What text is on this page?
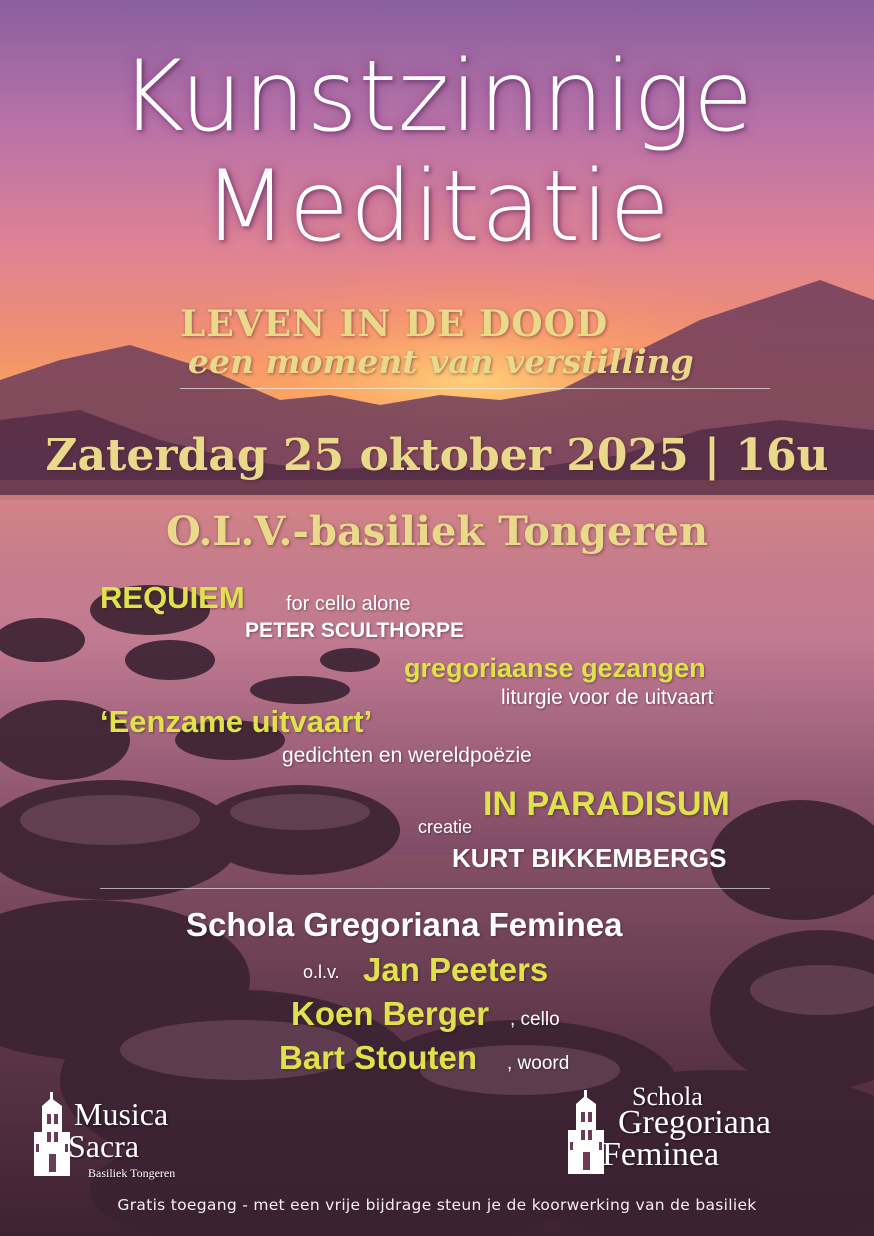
Kunstzinnige
Meditatie
LEVEN IN DE DOOD
een moment van verstilling
Zaterdag 25 oktober 2025 | 16u
O.L.V.-basiliek Tongeren
REQUIEM for cello alone
PETER SCULTHORPE
gregoriaanse gezangen
liturgie voor de uitvaart
‘Eenzame uitvaart’
gedichten en wereldpoëzie
IN PARADISUM
creatie
KURT BIKKEMBERGS
Schola Gregoriana Feminea
o.l.v. Jan Peeters
Koen Berger , cello
Bart Stouten , woord
Musica
Sacra
Basiliek Tongeren
Schola
Gregoriana
Feminea
Gratis toegang - met een vrije bijdrage steun je de koorwerking van de basiliek
